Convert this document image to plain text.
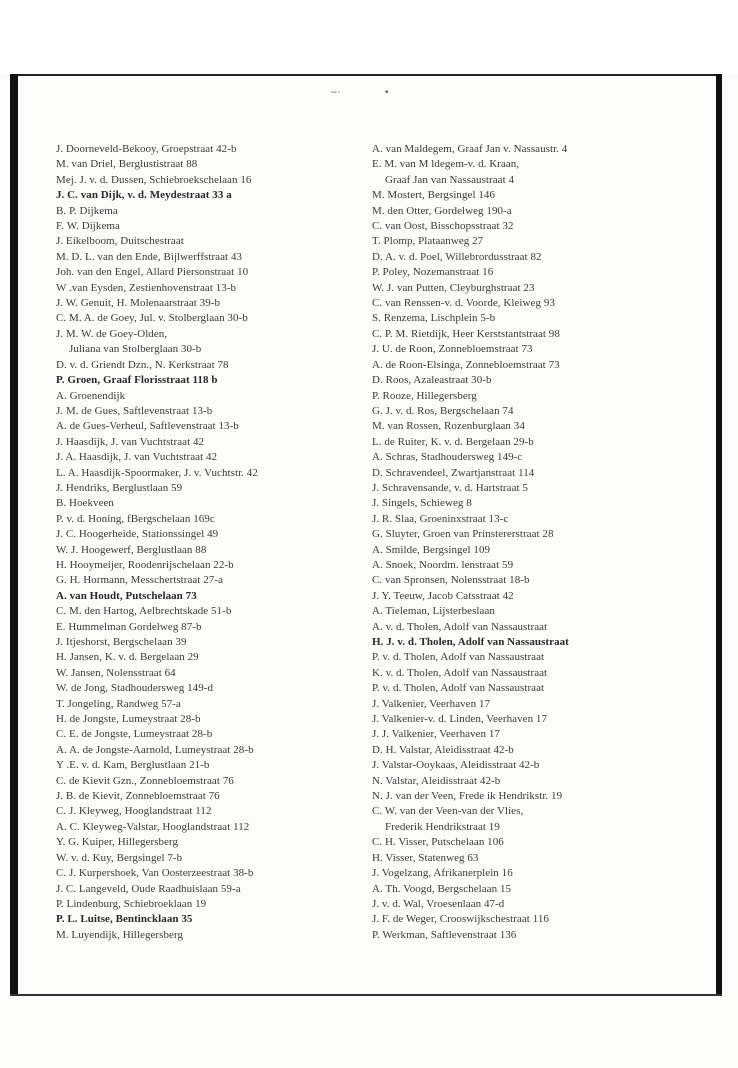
~·	•
J. Doorneveld-Bekooy, Groepstraat 42-b
M. van Driel, Berglustistraat 88
Mej. J. v. d. Dussen, Schiebroekschelaan 16
J. C. van Dijk, v. d. Meydestraat 33 a
B. P. Dijkema
F. W. Dijkema
J. Eikelboom, Duitschestraat
M. D. L. van den Ende, Bijlwerffstraat 43
Joh. van den Engel, Allard Piersonstraat 10
W .van Eysden, Zestienhovenstraat 13-b
J. W. Genuit, H. Molenaarstraat 39-b
C. M. A. de Goey, Jul. v. Stolberglaan 30-b
J. M. W. de Goey-Olden,
Juliana van Stolberglaan 30-b
D. v. d. Griendt Dzn., N. Kerkstraat 78
P. Groen, Graaf Florisstraat 118 b
A. Groenendijk
J. M. de Gues, Saftlevenstraat 13-b
A. de Gues-Verheul, Saftlevenstraat 13-b
J. Haasdijk, J. van Vuchtstraat 42
J. A. Haasdijk, J. van Vuchtstraat 42
L. A. Haasdijk-Spoormaker, J. v. Vuchtstr. 42
J. Hendriks, Berglustlaan 59
B. Hoekveen
P. v. d. Honing, fBergschelaan 169c
J. C. Hoogerheide, Stationssingel 49
W. J. Hoogewerf, Berglustlaan 88
H. Hooymeijer, Roodenrijschelaan 22-b
G. H. Hormann, Messchertstraat 27-a
A. van Houdt, Putschelaan 73
C. M. den Hartog, Aelbrechtskade 51-b
E. Hummelman Gordelweg 87-b
J. Itjeshorst, Bergschelaan 39
H. Jansen, K. v. d. Bergelaan 29
W. Jansen, Nolensstraat 64
W. de Jong, Stadhoudersweg 149-d
T. Jongeling, Randweg 57-a
H. de Jongste, Lumeystraat 28-b
C. E. de Jongste, Lumeystraat 28-b
A. A. de Jongste-Aarnold, Lumeystraat 28-b
Y .E. v. d. Kam, Berglustlaan 21-b
C. de Kievit Gzn., Zonnebloemstraat 76
J. B. de Kievit, Zonnebloemstraat 76
C. J. Kleyweg, Hooglandstraat 112
A. C. Kleyweg-Valstar, Hooglandstraat 112
Y. G. Kuiper, Hillegersberg
W. v. d. Kuy, Bergsingel 7-b
C. J. Kurpershoek, Van Oosterzeestraat 38-b
J. C. Langeveld, Oude Raadhuislaan 59-a
P. Lindenburg, Schiebroeklaan 19
P. L. Luitse, Bentincklaan 35
M. Luyendijk, Hillegersberg
A. van Maldegem, Graaf Jan v. Nassaustr. 4
E. M. van M ldegem-v. d. Kraan,
Graaf Jan van Nassaustraat 4
M. Mostert, Bergsingel 146
M. den Otter, Gordelweg 190-a
C. van Oost, Bisschopsstraat 32
T. Plomp, Plataanweg 27
D. A. v. d. Poel, Willebrordusstraat 82
P. Poley, Nozemanstraat 16
W. J. van Putten, Cleyburghstraat 23
C. van Renssen-v. d. Voorde, Kleiweg 93
S. Renzema, Lischplein 5-b
C. P. M. Rietdijk, Heer Kerststantstraat 98
J. U. de Roon, Zonnebloemstraat 73
A. de Roon-Elsinga, Zonnebloemstraat 73
D. Roos, Azaleastraat 30-b
P. Rooze, Hillegersberg
G. J. v. d. Ros, Bergschelaan 74
M. van Rossen, Rozenburglaan 34
L. de Ruiter, K. v. d. Bergelaan 29-b
A. Schras, Stadhoudersweg 149-c
D. Schravendeel, Zwartjanstraat 114
J. Schravensande, v. d. Hartstraat 5
J. Singels, Schieweg 8
J. R. Slaa, Groeninxstraat 13-c
G. Sluyter, Groen van Prinstererstraat 28
A. Smilde, Bergsingel 109
A. Snoek, Noordm. lenstraat 59
C. van Spronsen, Nolensstraat 18-b
J. Y. Teeuw, Jacob Catsstraat 42
A. Tieleman, Lijsterbeslaan
A. v. d. Tholen, Adolf van Nassaustraat
H. J. v. d. Tholen, Adolf van Nassaustraat
P. v. d. Tholen, Adolf van Nassaustraat
K. v. d. Tholen, Adolf van Nassaustraat
P. v. d. Tholen, Adolf van Nassaustraat
J. Valkenier, Veerhaven 17
J. Valkenier-v. d. Linden, Veerhaven 17
J. J. Valkenier, Veerhaven 17
D. H. Valstar, Aleidisstraat 42-b
J. Valstar-Ooykaas, Aleidisstraat 42-b
N. Valstar, Aleidisstraat 42-b
N. J. van der Veen, Frede ik Hendrikstr. 19
C. W. van der Veen-van der Vlies,
Frederik Hendrikstraat 19
C. H. Visser, Putschelaan 106
H. Visser, Statenweg 63
J. Vogelzang, Afrikanerplein 16
A. Th. Voogd, Bergschelaan 15
J. v. d. Wal, Vroesenlaan 47-d
J. F. de Weger, Crooswijkschestraat 116
P. Werkman, Saftlevenstraat 136
